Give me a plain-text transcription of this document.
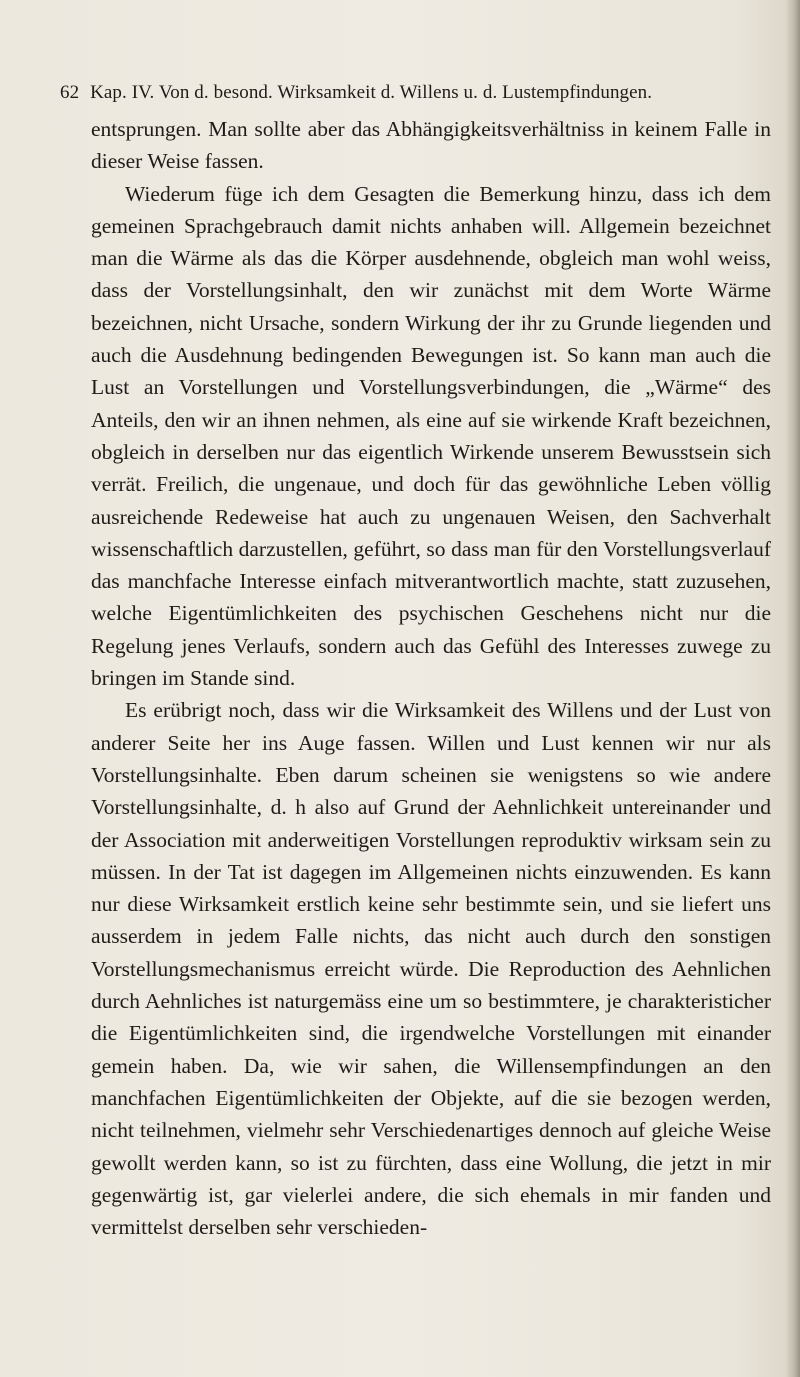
62 Kap. IV. Von d. besond. Wirksamkeit d. Willens u. d. Lustempfindungen.

entsprungen. Man sollte aber das Abhängigkeitsverhältniss in keinem Falle in dieser Weise fassen.

Wiederum füge ich dem Gesagten die Bemerkung hinzu, dass ich dem gemeinen Sprachgebrauch damit nichts anhaben will. Allgemein bezeichnet man die Wärme als das die Körper ausdehnende, obgleich man wohl weiss, dass der Vorstellungsinhalt, den wir zunächst mit dem Worte Wärme bezeichnen, nicht Ursache, sondern Wirkung der ihr zu Grunde liegenden und auch die Ausdehnung bedingenden Bewegungen ist. So kann man auch die Lust an Vorstellungen und Vorstellungsverbindungen, die „Wärme“ des Anteils, den wir an ihnen nehmen, als eine auf sie wirkende Kraft bezeichnen, obgleich in derselben nur das eigentlich Wirkende unserem Bewusstsein sich verrät. Freilich, die ungenaue, und doch für das gewöhnliche Leben völlig ausreichende Redeweise hat auch zu ungenauen Weisen, den Sachverhalt wissenschaftlich darzustellen, geführt, so dass man für den Vorstellungsverlauf das manchfache Interesse einfach mitverantwortlich machte, statt zuzusehen, welche Eigentümlichkeiten des psychischen Geschehens nicht nur die Regelung jenes Verlaufs, sondern auch das Gefühl des Interesses zuwege zu bringen im Stande sind.

Es erübrigt noch, dass wir die Wirksamkeit des Willens und der Lust von anderer Seite her ins Auge fassen. Willen und Lust kennen wir nur als Vorstellungsinhalte. Eben darum scheinen sie wenigstens so wie andere Vorstellungsinhalte, d. h also auf Grund der Aehnlichkeit untereinander und der Association mit anderweitigen Vorstellungen reproduktiv wirksam sein zu müssen. In der Tat ist dagegen im Allgemeinen nichts einzuwenden. Es kann nur diese Wirksamkeit erstlich keine sehr bestimmte sein, und sie liefert uns ausserdem in jedem Falle nichts, das nicht auch durch den sonstigen Vorstellungsmechanismus erreicht würde. Die Reproduction des Aehnlichen durch Aehnliches ist naturgemäss eine um so bestimmtere, je charakteristicher die Eigentümlichkeiten sind, die irgendwelche Vorstellungen mit einander gemein haben. Da, wie wir sahen, die Willensempfindungen an den manchfachen Eigentümlichkeiten der Objekte, auf die sie bezogen werden, nicht teilnehmen, vielmehr sehr Verschiedenartiges dennoch auf gleiche Weise gewollt werden kann, so ist zu fürchten, dass eine Wollung, die jetzt in mir gegenwärtig ist, gar vielerlei andere, die sich ehemals in mir fanden und vermittelst derselben sehr verschieden-
